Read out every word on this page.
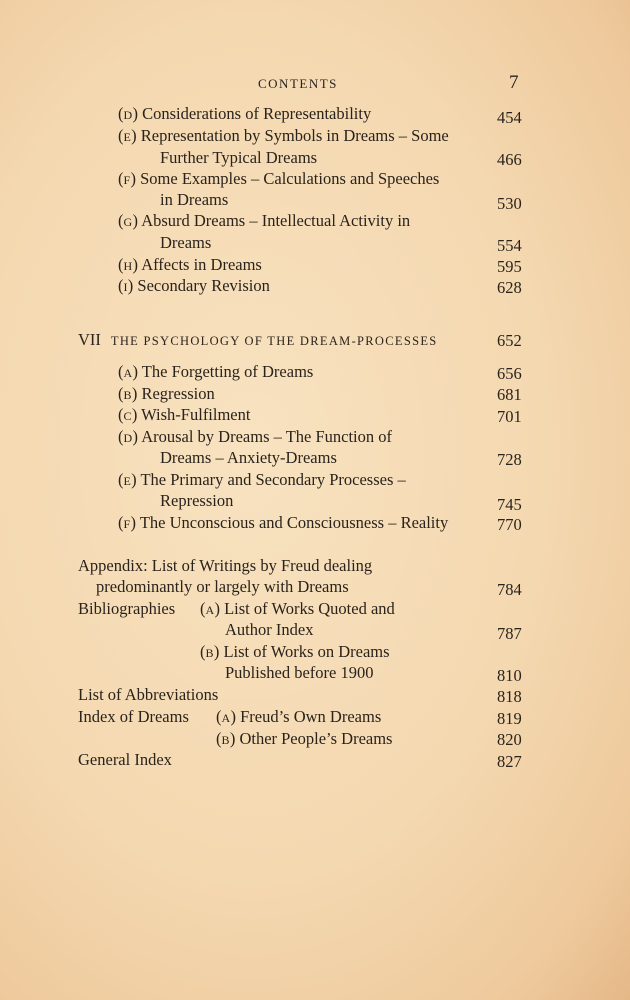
CONTENTS	7
(D) Considerations of Representability	454
(E) Representation by Symbols in Dreams – Some
Further Typical Dreams	466
(F) Some Examples – Calculations and Speeches
in Dreams	530
(G) Absurd Dreams – Intellectual Activity in
Dreams	554
(H) Affects in Dreams	595
(I) Secondary Revision	628
VII THE PSYCHOLOGY OF THE DREAM-PROCESSES	652
(A) The Forgetting of Dreams	656
(B) Regression	681
(C) Wish-Fulfilment	701
(D) Arousal by Dreams – The Function of
Dreams – Anxiety-Dreams	728
(E) The Primary and Secondary Processes –
Repression	745
(F) The Unconscious and Consciousness – Reality	770
Appendix: List of Writings by Freud dealing
predominantly or largely with Dreams	784
Bibliographies (A) List of Works Quoted and
Author Index	787
(B) List of Works on Dreams
Published before 1900	810
List of Abbreviations	818
Index of Dreams (A) Freud’s Own Dreams	819
(B) Other People’s Dreams	820
General Index	827
